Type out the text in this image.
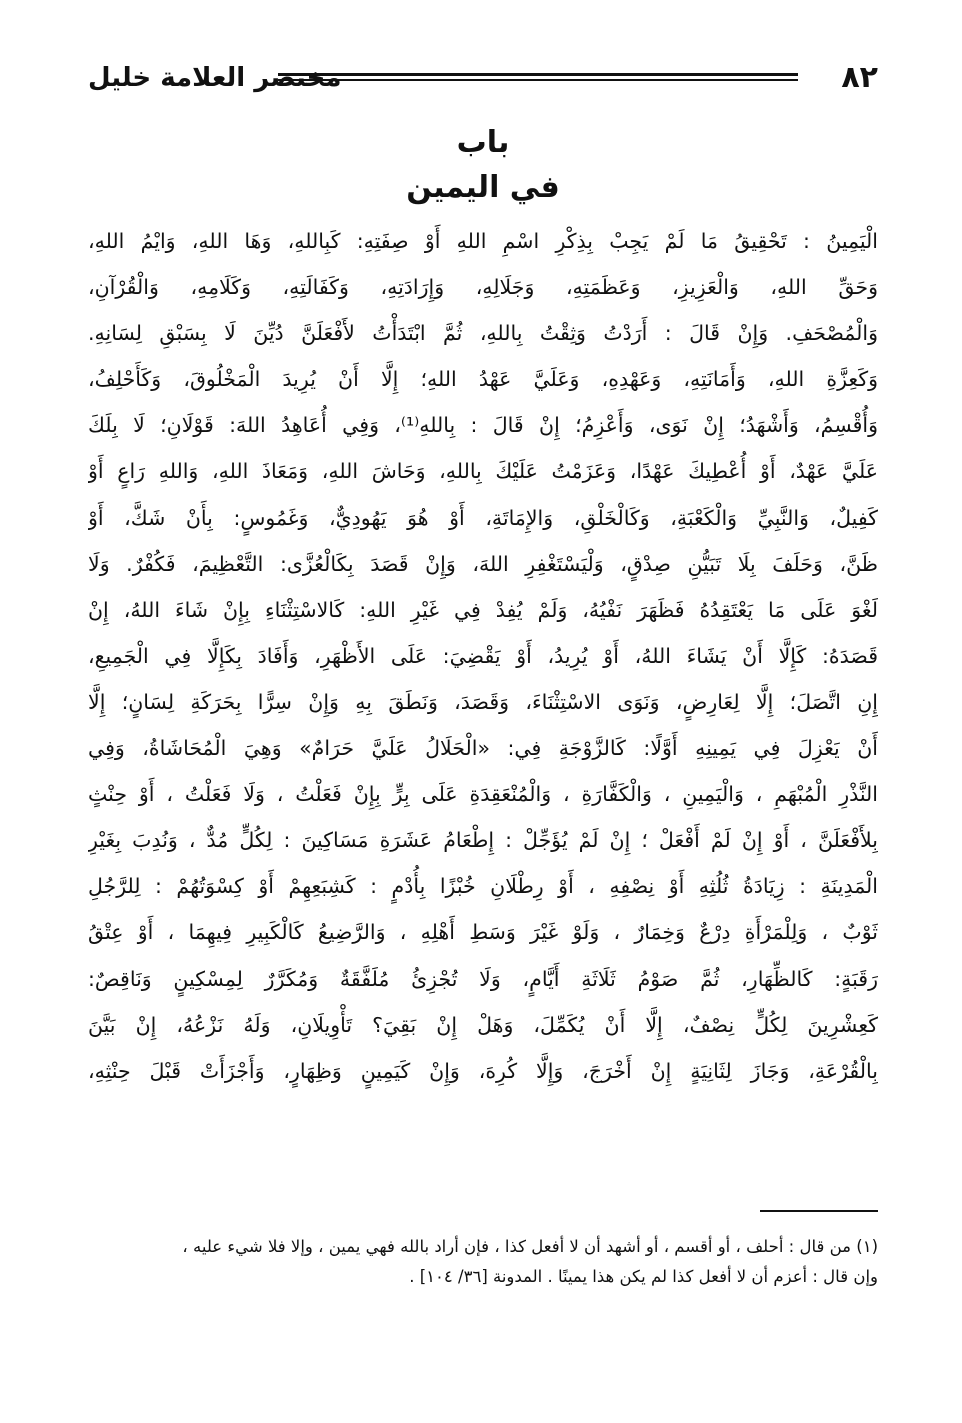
٨٢
مختصر العلامة خليل
باب
في اليمين
الْيَمِينُ : تَحْقِيقُ مَا لَمْ يَجِبْ بِذِكْرِ اسْمِ اللهِ أَوْ صِفَتِهِ: كَبِاللهِ، وَهَا اللهِ، وَايْمُ اللهِ،
وَحَقِّ اللهِ، وَالْعَزِيزِ، وَعَظَمَتِهِ، وَجَلَالِهِ، وَإِرَادَتِهِ، وَكَفَالَتِهِ، وَكَلَامِهِ، وَالْقُرْآنِ،
وَالْمُصْحَفِ. وَإِنْ قَالَ : أَرَدْتُ وَثِقْتُ بِاللهِ، ثُمَّ ابْتَدَأْتُ لأَفْعَلَنَّ دُيِّنَ لَا بِسَبْقِ لِسَانِهِ.
وَكَعِزَّةِ اللهِ، وَأَمَانَتِهِ، وَعَهْدِهِ، وَعَلَيَّ عَهْدُ اللهِ؛ إِلَّا أَنْ يُرِيدَ الْمَخْلُوقَ، وَكَأَحْلِفُ،
وَأُقْسِمُ، وَأَشْهَدُ؛ إِنْ نَوَى، وَأَعْزِمُ؛ إِنْ قَالَ : بِاللهِ⁽¹⁾، وَفِي أُعَاهِدُ اللهَ: قَوْلَانِ؛ لَا بِلَكَ
عَلَيَّ عَهْدٌ، أَوْ أُعْطِيكَ عَهْدًا، وَعَزَمْتُ عَلَيْكَ بِاللهِ، وَحَاشَ اللهِ، وَمَعَاذَ اللهِ، وَاللهِ رَاعٍ أَوْ
كَفِيلٌ، وَالنَّبِيِّ وَالْكَعْبَةِ، وَكَالْخَلْقِ، وَالإِمَاتَةِ، أَوْ هُوَ يَهُودِيٌّ، وَغَمُوسٍ: بِأَنْ شَكَّ، أَوْ
ظَنَّ، وَحَلَفَ بِلَا تَبَيُّنِ صِدْقٍ، وَلْيَسْتَغْفِرِ اللهَ، وَإِنْ قَصَدَ بِكَالْعُزَّى: التَّعْظِيمَ، فَكُفْرٌ. وَلَا
لَغْوَ عَلَى مَا يَعْتَقِدُهُ فَظَهَرَ نَفْيُهُ، وَلَمْ يُفِدْ فِي غَيْرِ اللهِ: كَالاسْتِثْنَاءِ بِإِنْ شَاءَ اللهُ، إِنْ
قَصَدَهُ: كَإِلَّا أَنْ يَشَاءَ اللهُ، أَوْ يُرِيدُ، أَوْ يَقْضِيَ: عَلَى الأَظْهَرِ، وَأَفَادَ بِكَإِلَّا فِي الْجَمِيعِ،
إِنِ اتَّصَلَ؛ إِلَّا لِعَارِضٍ، وَنَوَى الاسْتِثْنَاءَ، وَقَصَدَ، وَنَطَقَ بِهِ وَإِنْ سِرًّا بِحَرَكَةِ لِسَانٍ؛ إِلَّا
أَنْ يَعْزِلَ فِي يَمِينِهِ أَوَّلًا: كَالزَّوْجَةِ فِي: «الْحَلَالُ عَلَيَّ حَرَامٌ» وَهِيَ الْمُحَاشَاةُ، وَفِي
النَّذْرِ الْمُبْهَمِ ، وَالْيَمِينِ ، وَالْكَفَّارَةِ ، وَالْمُنْعَقِدَةِ عَلَى بِرٍّ بِإِنْ فَعَلْتُ ، وَلَا فَعَلْتُ ، أَوْ حِنْثٍ
بِلأَفْعَلَنَّ ، أَوْ إِنْ لَمْ أَفْعَلْ ؛ إِنْ لَمْ يُؤَجِّلْ : إِطْعَامُ عَشَرَةِ مَسَاكِينَ : لِكُلٍّ مُدٌّ ، وَنُدِبَ بِغَيْرِ
الْمَدِينَةِ : زِيَادَةُ ثُلُثِهِ أَوْ نِصْفِهِ ، أَوْ رِطْلَانِ خُبْزًا بِأُدْمٍ : كَشِبَعِهِمْ أَوْ كِسْوَتُهُمْ : لِلرَّجُلِ
ثَوْبٌ ، وَلِلْمَرْأَةِ دِرْعٌ وَخِمَارٌ ، وَلَوْ غَيْرَ وَسَطِ أَهْلِهِ ، وَالرَّضِيعُ كَالْكَبِيرِ فِيهِمَا ، أَوْ عِتْقُ
رَقَبَةٍ: كَالظِّهَارِ، ثُمَّ صَوْمُ ثَلَاثَةِ أَيَّامٍ، وَلَا تُجْزِئُ مُلَفَّقَةٌ وَمُكَرَّرٌ لِمِسْكِينٍ وَنَاقِصٌ:
كَعِشْرِينَ لِكُلٍّ نِصْفٌ، إِلَّا أَنْ يُكَمِّلَ، وَهَلْ إِنْ بَقِيَ؟ تَأْوِيلَانِ، وَلَهُ نَزْعُهُ، إِنْ بَيَّنَ
بِالْقُرْعَةِ، وَجَازَ لِثَانِيَةٍ إِنْ أَخْرَجَ، وَإِلَّا كُرِهَ، وَإِنْ كَيَمِينٍ وَظِهَارٍ، وَأَجْزَأَتْ قَبْلَ حِنْثِهِ،
(١) من قال : أحلف ، أو أقسم ، أو أشهد أن لا أفعل كذا ، فإن أراد بالله فهي يمين ، وإلا فلا شيء عليه ،
وإن قال : أعزم أن لا أفعل كذا لم يكن هذا يمينًا . المدونة [٣٦/ ١٠٤] .
